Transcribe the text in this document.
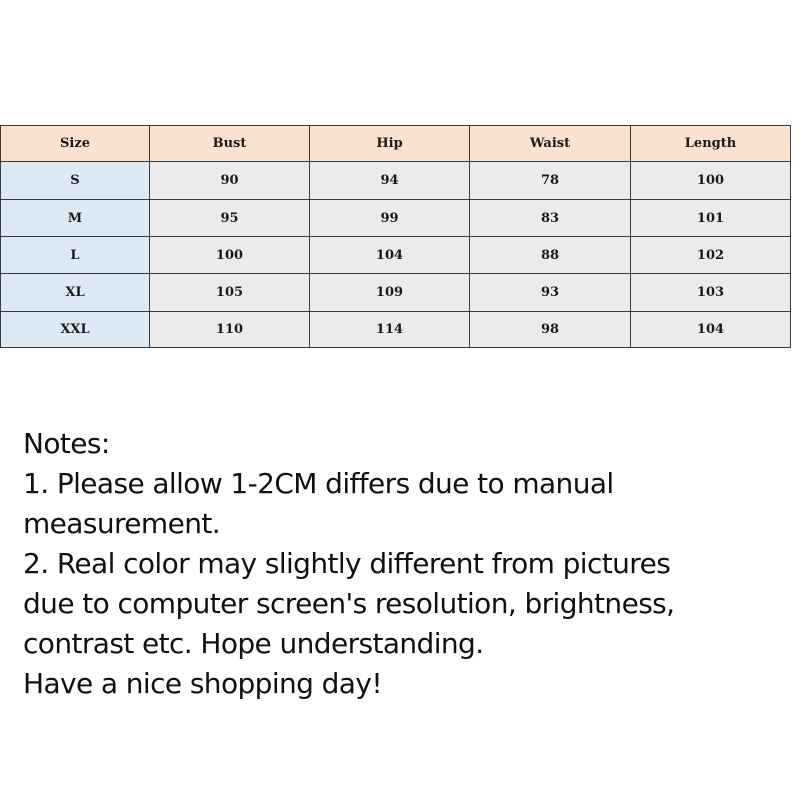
Size	Bust	Hip	Waist	Length
S	90	94	78	100
M	95	99	83	101
L	100	104	88	102
XL	105	109	93	103
XXL	110	114	98	104
Notes:
1. Please allow 1-2CM differs due to manual
measurement.
2. Real color may slightly different from pictures
due to computer screen's resolution, brightness,
contrast etc. Hope understanding.
Have a nice shopping day!
